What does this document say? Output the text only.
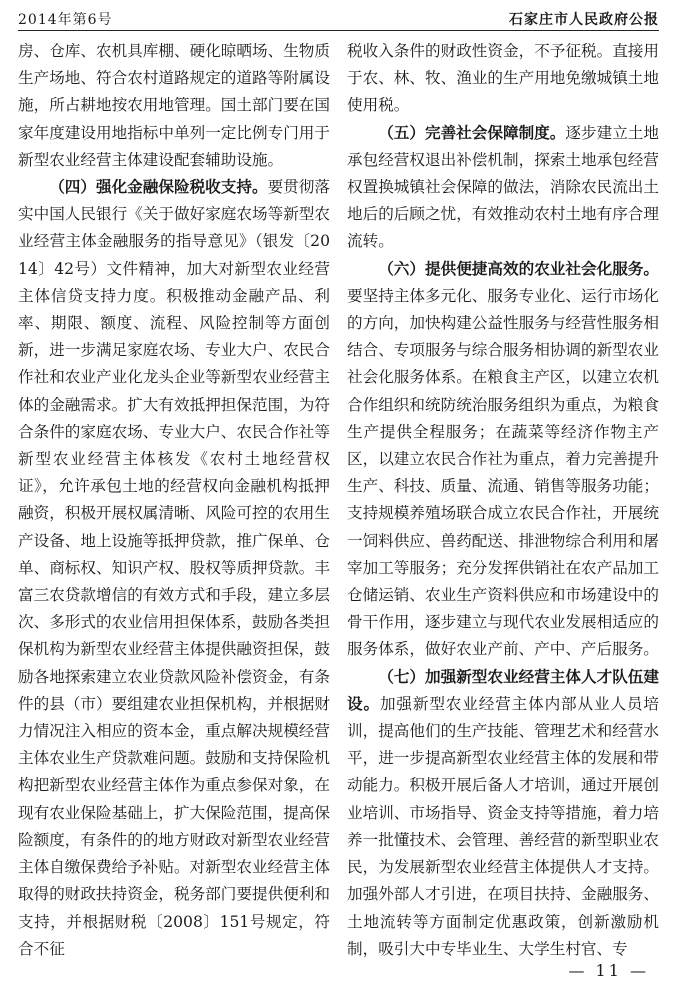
2014年第6号	石家庄市人民政府公报

房、仓库、农机具库棚、硬化晾晒场、生物质生产场地、符合农村道路规定的道路等附属设施，所占耕地按农用地管理。国土部门要在国家年度建设用地指标中单列一定比例专门用于新型农业经营主体建设配套辅助设施。

（四）强化金融保险税收支持。要贯彻落实中国人民银行《关于做好家庭农场等新型农业经营主体金融服务的指导意见》（银发〔2014〕42号）文件精神，加大对新型农业经营主体信贷支持力度。积极推动金融产品、利率、期限、额度、流程、风险控制等方面创新，进一步满足家庭农场、专业大户、农民合作社和农业产业化龙头企业等新型农业经营主体的金融需求。扩大有效抵押担保范围，为符合条件的家庭农场、专业大户、农民合作社等新型农业经营主体核发《农村土地经营权证》，允许承包土地的经营权向金融机构抵押融资，积极开展权属清晰、风险可控的农用生产设备、地上设施等抵押贷款，推广保单、仓单、商标权、知识产权、股权等质押贷款。丰富三农贷款增信的有效方式和手段，建立多层次、多形式的农业信用担保体系，鼓励各类担保机构为新型农业经营主体提供融资担保，鼓励各地探索建立农业贷款风险补偿资金，有条件的县（市）要组建农业担保机构，并根据财力情况注入相应的资本金，重点解决规模经营主体农业生产贷款难问题。鼓励和支持保险机构把新型农业经营主体作为重点参保对象，在现有农业保险基础上，扩大保险范围，提高保险额度，有条件的的地方财政对新型农业经营主体自缴保费给予补贴。对新型农业经营主体取得的财政扶持资金，税务部门要提供便利和支持，并根据财税〔2008〕151号规定，符合不征

税收入条件的财政性资金，不予征税。直接用于农、林、牧、渔业的生产用地免缴城镇土地使用税。

（五）完善社会保障制度。逐步建立土地承包经营权退出补偿机制，探索土地承包经营权置换城镇社会保障的做法，消除农民流出土地后的后顾之忧，有效推动农村土地有序合理流转。

（六）提供便捷高效的农业社会化服务。要坚持主体多元化、服务专业化、运行市场化的方向，加快构建公益性服务与经营性服务相结合、专项服务与综合服务相协调的新型农业社会化服务体系。在粮食主产区，以建立农机合作组织和统防统治服务组织为重点，为粮食生产提供全程服务；在蔬菜等经济作物主产区，以建立农民合作社为重点，着力完善提升生产、科技、质量、流通、销售等服务功能；支持规模养殖场联合成立农民合作社，开展统一饲料供应、兽药配送、排泄物综合利用和屠宰加工等服务；充分发挥供销社在农产品加工仓储运销、农业生产资料供应和市场建设中的骨干作用，逐步建立与现代农业发展相适应的服务体系，做好农业产前、产中、产后服务。

（七）加强新型农业经营主体人才队伍建设。加强新型农业经营主体内部从业人员培训，提高他们的生产技能、管理艺术和经营水平，进一步提高新型农业经营主体的发展和带动能力。积极开展后备人才培训，通过开展创业培训、市场指导、资金支持等措施，着力培养一批懂技术、会管理、善经营的新型职业农民，为发展新型农业经营主体提供人才支持。加强外部人才引进，在项目扶持、金融服务、土地流转等方面制定优惠政策，创新激励机制，吸引大中专毕业生、大学生村官、专

— 11 —
